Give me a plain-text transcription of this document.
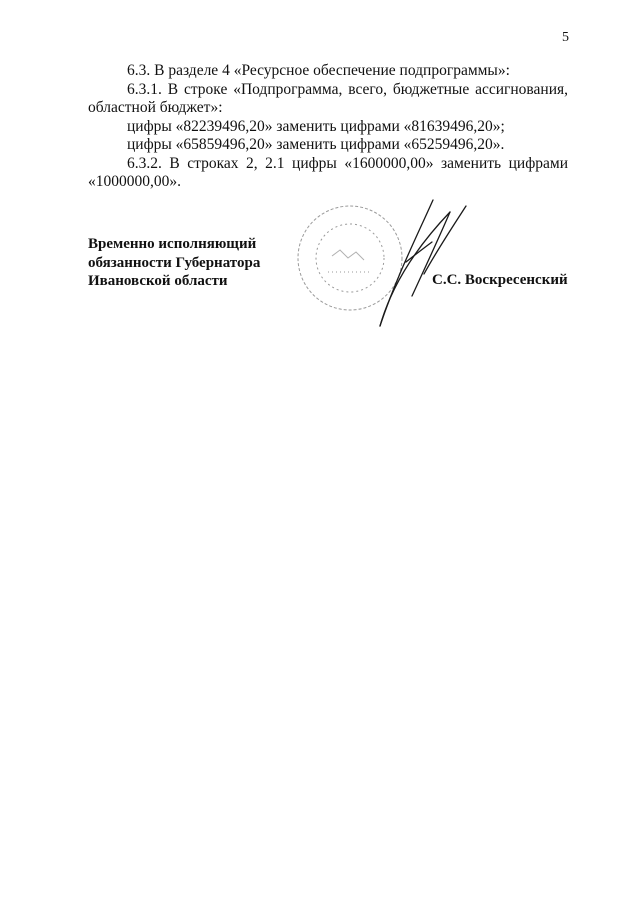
5

6.3. В разделе 4 «Ресурсное обеспечение подпрограммы»:

6.3.1. В строке «Подпрограмма, всего, бюджетные ассигнования, областной бюджет»:

цифры «82239496,20» заменить цифрами «81639496,20»;

цифры «65859496,20» заменить цифрами «65259496,20».

6.3.2. В строках 2, 2.1 цифры «1600000,00» заменить цифрами «1000000,00».

Временно исполняющий
обязанности Губернатора
Ивановской области	С.С. Воскресенский
